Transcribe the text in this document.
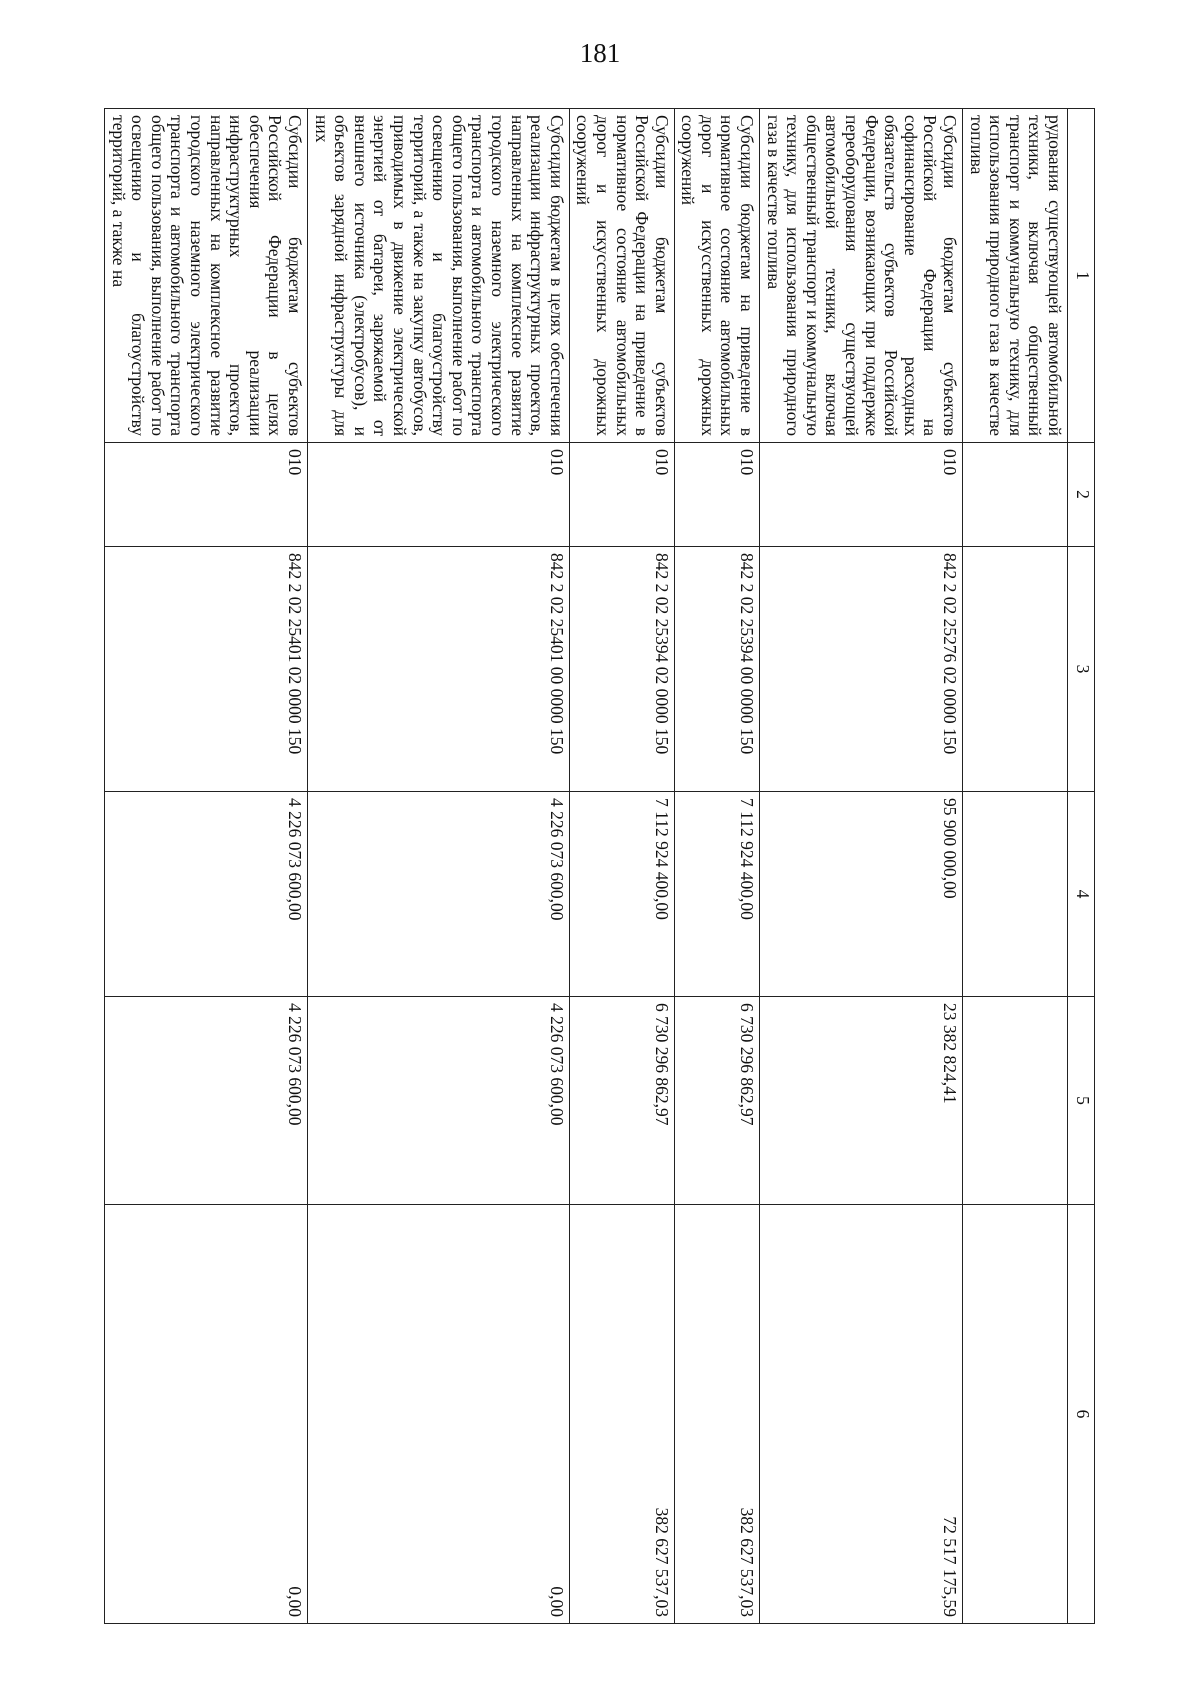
181
1	2	3	4	5	6
рудования существующей автомобильной техники, включая общественный транспорт и коммунальную технику, для использования природного газа в качестве топлива					
Субсидии бюджетам субъектов Российской Федерации на софинансирование расходных обязательств субъектов Российской Федерации, возникающих при поддержке переоборудования существующей автомобильной техники, включая общественный транспорт и коммунальную технику, для использования природного газа в качестве топлива	010	842 2 02 25276 02 0000 150	95 900 000,00	23 382 824,41	72 517 175,59
Субсидии бюджетам на приведение в нормативное состояние автомобильных дорог и искусственных дорожных сооружений	010	842 2 02 25394 00 0000 150	7 112 924 400,00	6 730 296 862,97	382 627 537,03
Субсидии бюджетам субъектов Российской Федерации на приведение в нормативное состояние автомобильных дорог и искусственных дорожных сооружений	010	842 2 02 25394 02 0000 150	7 112 924 400,00	6 730 296 862,97	382 627 537,03
Субсидии бюджетам в целях обеспечения реализации инфраструктурных проектов, направленных на комплексное развитие городского наземного электрического транспорта и автомобильного транспорта общего пользования, выполнение работ по освещению и благоустройству территорий, а также на закупку автобусов, приводимых в движение электрической энергией от батареи, заряжаемой от внешнего источника (электробусов), и объектов зарядной инфраструктуры для них	010	842 2 02 25401 00 0000 150	4 226 073 600,00	4 226 073 600,00	0,00
Субсидии бюджетам субъектов Российской Федерации в целях обеспечения реализации инфраструктурных проектов, направленных на комплексное развитие городского наземного электрического транспорта и автомобильного транспорта общего пользования, выполнение работ по освещению и благоустройству территорий, а также на	010	842 2 02 25401 02 0000 150	4 226 073 600,00	4 226 073 600,00	0,00
